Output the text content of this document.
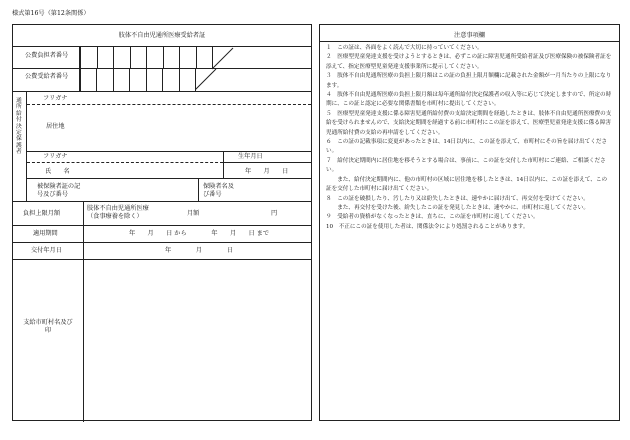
様式第16号（第12条関係）
肢体不自由児通所医療受給者証
公費負担者番号
公費受給者番号
通所給付決定保護者
フリガナ
居住地
フリガナ	生年月日
氏　　名	年　　月　　日
被保険者証の記号及び番号
保険者名及び番号
負担上限月額
肢体不自由児通所医療（食事療養を除く）	月額	円
適用期間	年　　月　　日 から　　　　年　　月　　日 まで
交付年月日	年　　　　月　　　　日
支給市町村名及び印
注意事項欄
１　この証は、各面をよく読んで大切に持っていてください。
２　医療型児童発達支援を受けようとするときは、必ずこの証に障害児通所受給者証及び医療保険の被保険者証を添えて、指定医療型児童発達支援事業所に提示してください。
３　肢体不自由児通所医療の負担上限月額はこの証の負担上限月額欄に記載された金額が一月当たりの上限になります。
４　肢体不自由児通所医療の負担上限月額は毎年通所給付決定保護者の収入等に応じて決定しますので、所定の時期に、この証と認定に必要な関係書類を市町村に提出してください。
５　医療型児童発達支援に係る障害児通所給付費の支給決定期間を経過したときは、肢体不自由児通所医療費の支給を受けられませんので、支給決定期間を経過する前に市町村にこの証を添えて、医療型児童発達支援に係る障害児通所給付費の支給の再申請をしてください。
６　この証の記載事項に変更があったときは、14日以内に、この証を添えて、市町村にその旨を届け出てください。
７　給付決定期間内に居住地を移そうとする場合は、事前に、この証を交付した市町村にご連絡、ご相談ください。
　　また、給付決定期間内に、他の市町村の区域に居住地を移したときは、14日以内に、この証を添えて、この証を交付した市町村に届け出てください。
８　この証を破損したり、汚したり又は紛失したときは、速やかに届け出て、再交付を受けてください。
　　また、再交付を受けた後、紛失したこの証を発見したときは、速やかに、市町村に返してください。
９　受給者の資格がなくなったときは、直ちに、この証を市町村に返してください。
10　不正にこの証を使用した者は、関係法令により処罰されることがあります。
